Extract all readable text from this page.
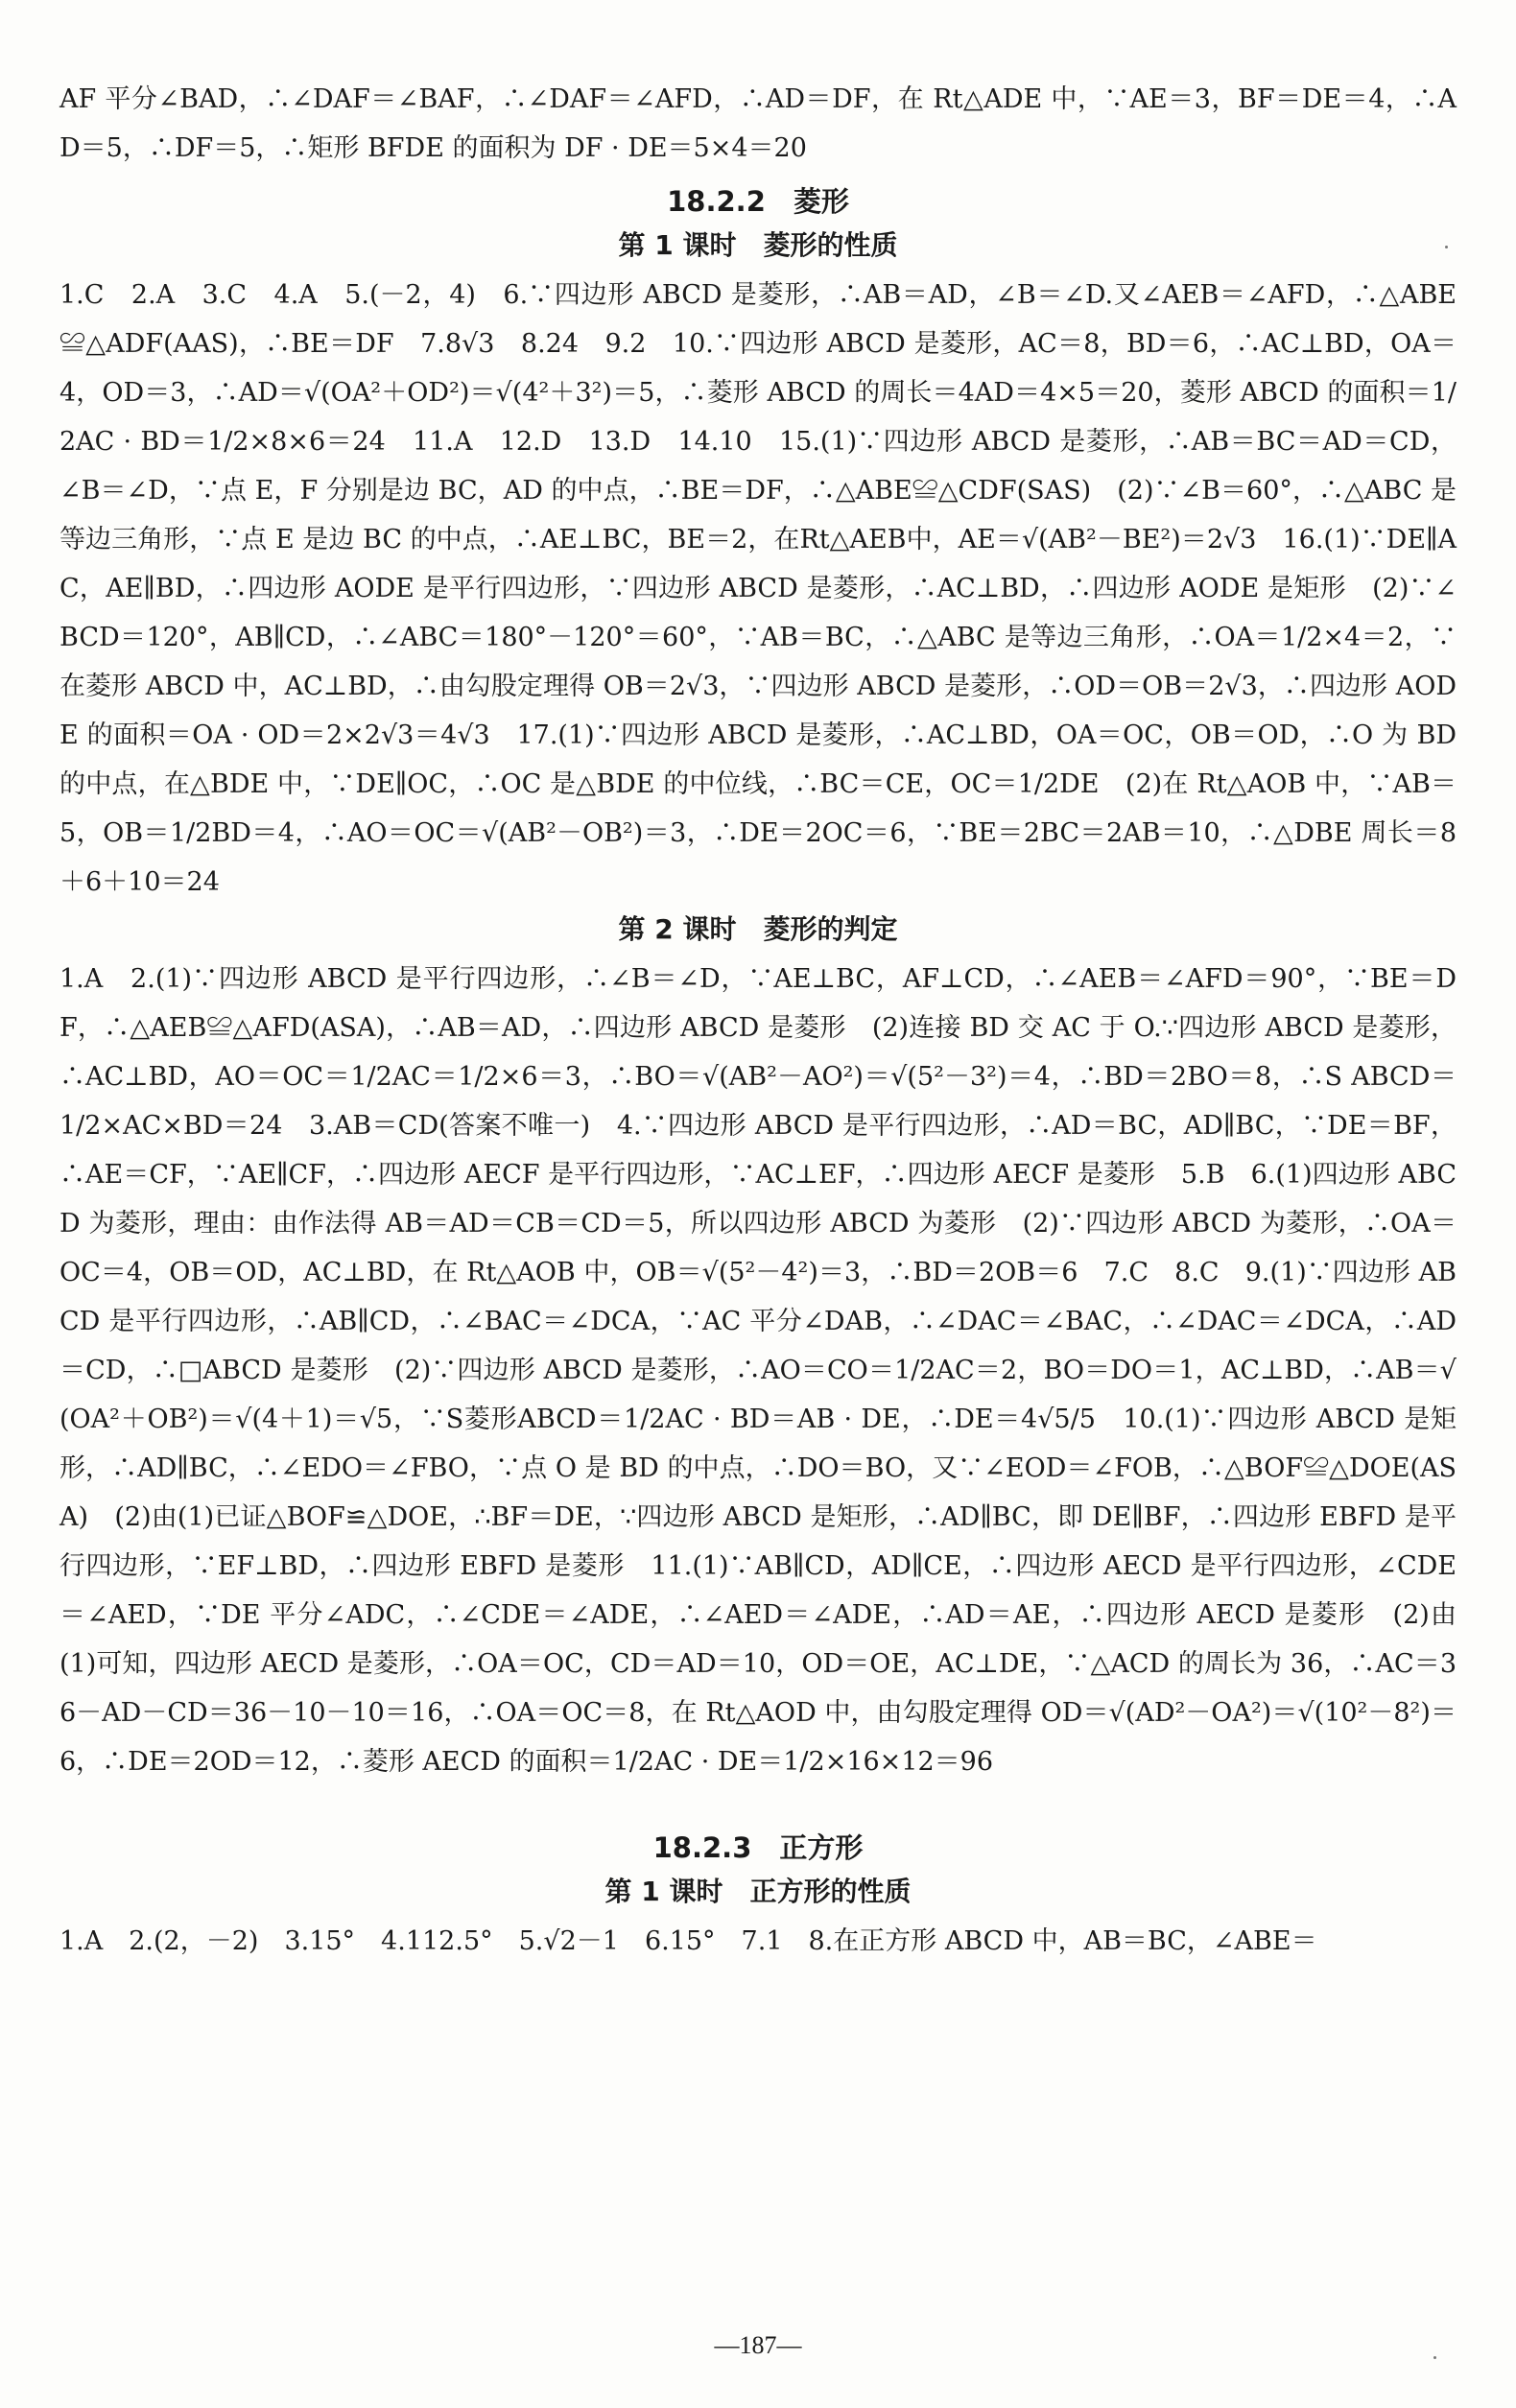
AF 平分∠BAD，∴∠DAF＝∠BAF，∴∠DAF＝∠AFD，∴AD＝DF，在 Rt△ADE 中，∵AE＝3，BF＝DE＝4，∴AD＝5，∴DF＝5，∴矩形 BFDE 的面积为 DF · DE＝5×4＝20

18.2.2　菱形
第 1 课时　菱形的性质

1.C　2.A　3.C　4.A　5.(－2，4)　6.∵四边形 ABCD 是菱形，∴AB＝AD，∠B＝∠D.又∠AEB＝∠AFD，∴△ABE≌△ADF(AAS)，∴BE＝DF　7.8√3　8.24　9.2　10.∵四边形 ABCD 是菱形，AC＝8，BD＝6，∴AC⊥BD，OA＝4，OD＝3，∴AD＝√(OA²＋OD²)＝√(4²＋3²)＝5，∴菱形 ABCD 的周长＝4AD＝4×5＝20，菱形 ABCD 的面积＝1/2AC · BD＝1/2×8×6＝24　11.A　12.D　13.D　14.10　15.(1)∵四边形 ABCD 是菱形，∴AB＝BC＝AD＝CD，∠B＝∠D，∵点 E，F 分别是边 BC，AD 的中点，∴BE＝DF，∴△ABE≌△CDF(SAS)　(2)∵∠B＝60°，∴△ABC 是等边三角形，∵点 E 是边 BC 的中点，∴AE⊥BC，BE＝2，在Rt△AEB中，AE＝√(AB²－BE²)＝2√3　16.(1)∵DE∥AC，AE∥BD，∴四边形 AODE 是平行四边形，∵四边形 ABCD 是菱形，∴AC⊥BD，∴四边形 AODE 是矩形　(2)∵∠BCD＝120°，AB∥CD，∴∠ABC＝180°－120°＝60°，∵AB＝BC，∴△ABC 是等边三角形，∴OA＝1/2×4＝2，∵在菱形 ABCD 中，AC⊥BD，∴由勾股定理得 OB＝2√3，∵四边形 ABCD 是菱形，∴OD＝OB＝2√3，∴四边形 AODE 的面积＝OA · OD＝2×2√3＝4√3　17.(1)∵四边形 ABCD 是菱形，∴AC⊥BD，OA＝OC，OB＝OD，∴O 为 BD 的中点，在△BDE 中，∵DE∥OC，∴OC 是△BDE 的中位线，∴BC＝CE，OC＝1/2DE　(2)在 Rt△AOB 中，∵AB＝5，OB＝1/2BD＝4，∴AO＝OC＝√(AB²－OB²)＝3，∴DE＝2OC＝6，∵BE＝2BC＝2AB＝10，∴△DBE 周长＝8＋6＋10＝24

第 2 课时　菱形的判定

1.A　2.(1)∵四边形 ABCD 是平行四边形，∴∠B＝∠D，∵AE⊥BC，AF⊥CD，∴∠AEB＝∠AFD＝90°，∵BE＝DF，∴△AEB≌△AFD(ASA)，∴AB＝AD，∴四边形 ABCD 是菱形　(2)连接 BD 交 AC 于 O.∵四边形 ABCD 是菱形，∴AC⊥BD，AO＝OC＝1/2AC＝1/2×6＝3，∴BO＝√(AB²－AO²)＝√(5²－3²)＝4，∴BD＝2BO＝8，∴S ABCD＝1/2×AC×BD＝24　3.AB＝CD(答案不唯一)　4.∵四边形 ABCD 是平行四边形，∴AD＝BC，AD∥BC，∵DE＝BF，∴AE＝CF，∵AE∥CF，∴四边形 AECF 是平行四边形，∵AC⊥EF，∴四边形 AECF 是菱形　5.B　6.(1)四边形 ABCD 为菱形，理由：由作法得 AB＝AD＝CB＝CD＝5，所以四边形 ABCD 为菱形　(2)∵四边形 ABCD 为菱形，∴OA＝OC＝4，OB＝OD，AC⊥BD，在 Rt△AOB 中，OB＝√(5²－4²)＝3，∴BD＝2OB＝6　7.C　8.C　9.(1)∵四边形 ABCD 是平行四边形，∴AB∥CD，∴∠BAC＝∠DCA，∵AC 平分∠DAB，∴∠DAC＝∠BAC，∴∠DAC＝∠DCA，∴AD＝CD，∴□ABCD 是菱形　(2)∵四边形 ABCD 是菱形，∴AO＝CO＝1/2AC＝2，BO＝DO＝1，AC⊥BD，∴AB＝√(OA²＋OB²)＝√(4＋1)＝√5，∵S菱形ABCD＝1/2AC · BD＝AB · DE，∴DE＝4√5/5　10.(1)∵四边形 ABCD 是矩形，∴AD∥BC，∴∠EDO＝∠FBO，∵点 O 是 BD 的中点，∴DO＝BO，又∵∠EOD＝∠FOB，∴△BOF≌△DOE(ASA)　(2)由(1)已证△BOF≌△DOE，∴BF＝DE，∵四边形 ABCD 是矩形，∴AD∥BC，即 DE∥BF，∴四边形 EBFD 是平行四边形，∵EF⊥BD，∴四边形 EBFD 是菱形　11.(1)∵AB∥CD，AD∥CE，∴四边形 AECD 是平行四边形，∠CDE＝∠AED，∵DE 平分∠ADC，∴∠CDE＝∠ADE，∴∠AED＝∠ADE，∴AD＝AE，∴四边形 AECD 是菱形　(2)由(1)可知，四边形 AECD 是菱形，∴OA＝OC，CD＝AD＝10，OD＝OE，AC⊥DE，∵△ACD 的周长为 36，∴AC＝36－AD－CD＝36－10－10＝16，∴OA＝OC＝8，在 Rt△AOD 中，由勾股定理得 OD＝√(AD²－OA²)＝√(10²－8²)＝6，∴DE＝2OD＝12，∴菱形 AECD 的面积＝1/2AC · DE＝1/2×16×12＝96

18.2.3　正方形
第 1 课时　正方形的性质

1.A　2.(2，－2)　3.15°　4.112.5°　5.√2－1　6.15°　7.1　8.在正方形 ABCD 中，AB＝BC，∠ABE＝

—187—
